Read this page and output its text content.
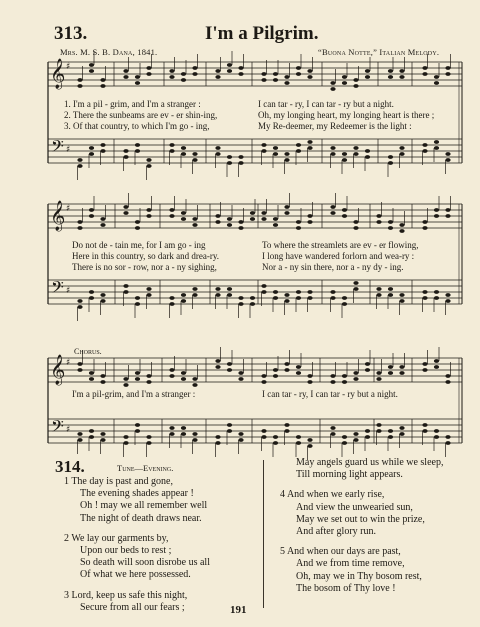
313.	I'm a Pilgrim.
Mrs. M. S. B. Dana, 1841.	“Buona Notte,” Italian Melody.
1. I'm a pil - grim, and I'm a stranger :	I can tar - ry, I can tar - ry but a night.
2. There the sunbeams are ev - er shin-ing,	Oh, my longing heart, my longing heart is there ;
3. Of that country, to which I'm go - ing,	My Re-deemer, my Redeemer is the light :
Do not de - tain me, for I am go - ing	To where the streamlets are ev - er flowing,
Here in this country, so dark and drea-ry.	I long have wandered forlorn and wea-ry :
There is no sor - row, nor a - ny sighing,	Nor a - ny sin there, nor a - ny dy - ing.
Chorus.
I'm a pil-grim, and I'm a stranger :	I can tar - ry, I can tar - ry but a night.
𝄞
𝄢
♯
♯
𝄞
𝄢
♯
♯
𝄞
𝄢
♯
♯
314.	Tune—Evening.
1 The day is past and gone,
The evening shades appear !
Oh ! may we all remember well
The night of death draws near.
2 We lay our garments by,
Upon our beds to rest ;
So death will soon disrobe us all
Of what we here possessed.
3 Lord, keep us safe this night,
Secure from all our fears ;
May angels guard us while we sleep,
Till morning light appears.
4 And when we early rise,
And view the unwearied sun,
May we set out to win the prize,
And after glory run.
5 And when our days are past,
And we from time remove,
Oh, may we in Thy bosom rest,
The bosom of Thy love !
191
